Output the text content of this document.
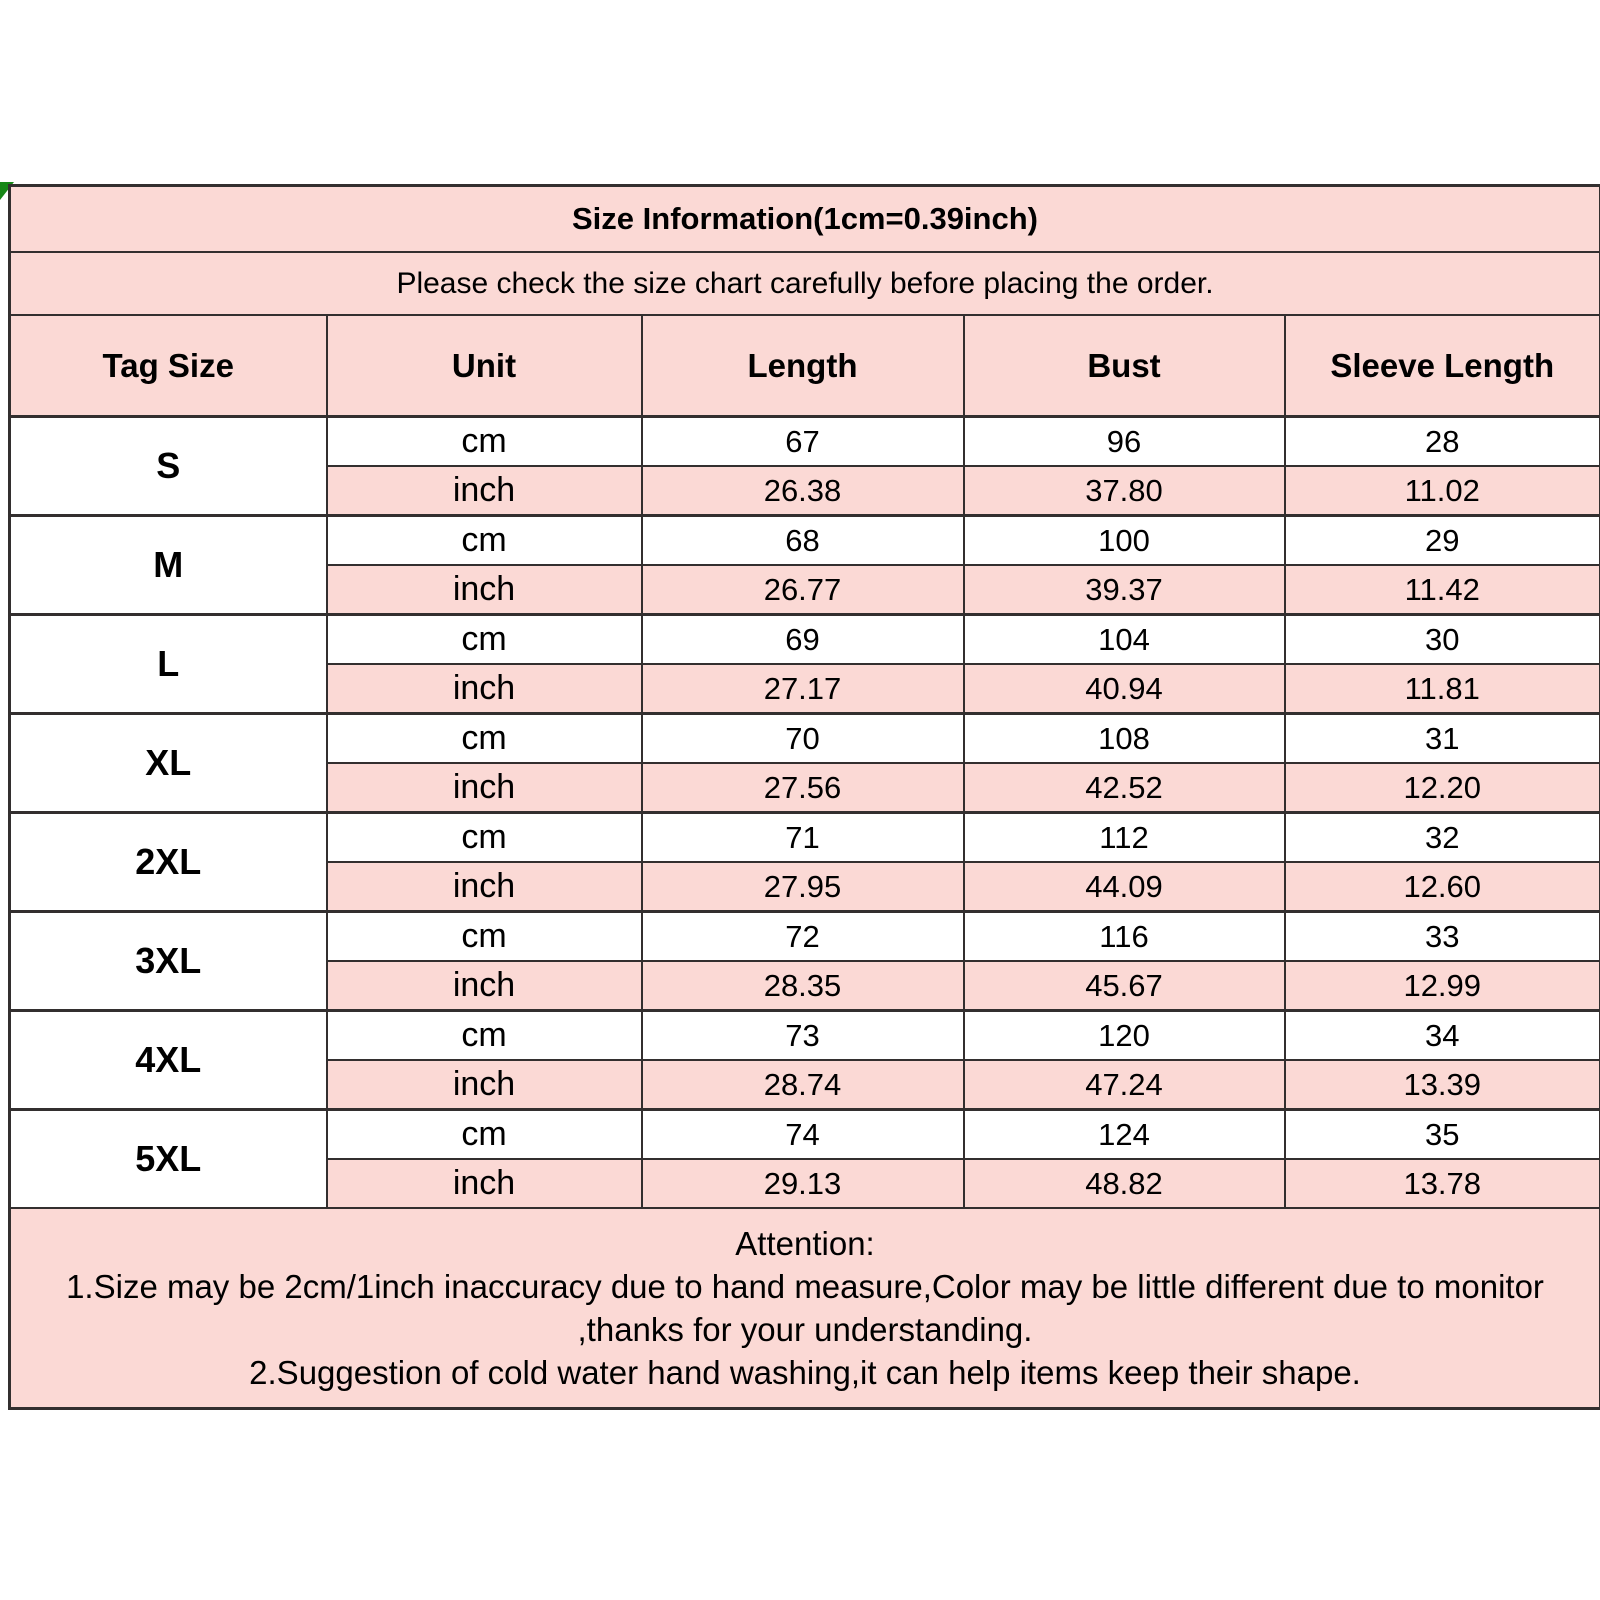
Size Information(1cm=0.39inch)				
Please check the size chart carefully before placing the order.				
Tag Size	Unit	Length	Bust	Sleeve Length
S	cm	67	96	28
	inch	26.38	37.80	11.02
M	cm	68	100	29
	inch	26.77	39.37	11.42
L	cm	69	104	30
	inch	27.17	40.94	11.81
XL	cm	70	108	31
	inch	27.56	42.52	12.20
2XL	cm	71	112	32
	inch	27.95	44.09	12.60
3XL	cm	72	116	33
	inch	28.35	45.67	12.99
4XL	cm	73	120	34
	inch	28.74	47.24	13.39
5XL	cm	74	124	35
	inch	29.13	48.82	13.78

Attention:
1.Size may be 2cm/1inch inaccuracy due to hand measure,Color may be little different due to monitor
,thanks for your understanding.
2.Suggestion of cold water hand washing,it can help items keep their shape.				
